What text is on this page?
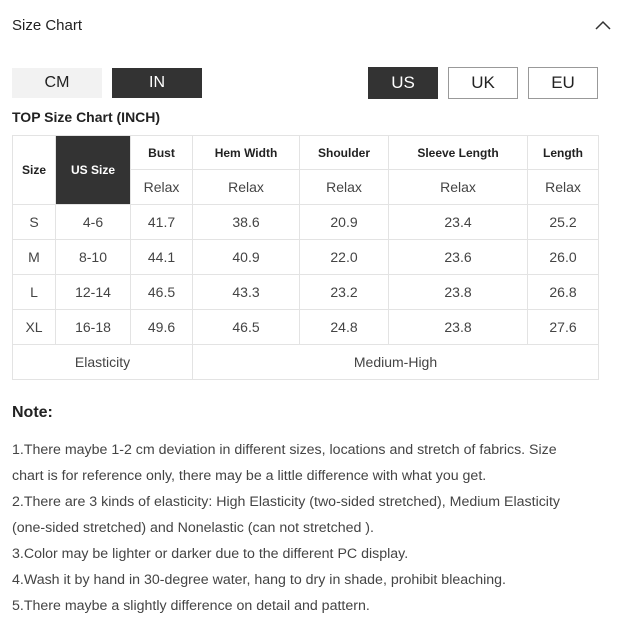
Size Chart
CM	IN	US	UK	EU
TOP Size Chart (INCH)
Size	US Size	Bust	Hem Width	Shoulder	Sleeve Length	Length
		Relax	Relax	Relax	Relax	Relax
S	4-6	41.7	38.6	20.9	23.4	25.2
M	8-10	44.1	40.9	22.0	23.6	26.0
L	12-14	46.5	43.3	23.2	23.8	26.8
XL	16-18	49.6	46.5	24.8	23.8	27.6
Elasticity			Medium-High			
Note:
1.There maybe 1-2 cm deviation in different sizes, locations and stretch of fabrics. Size
chart is for reference only, there may be a little difference with what you get.
2.There are 3 kinds of elasticity: High Elasticity (two-sided stretched), Medium Elasticity
(one-sided stretched) and Nonelastic (can not stretched ).
3.Color may be lighter or darker due to the different PC display.
4.Wash it by hand in 30-degree water, hang to dry in shade, prohibit bleaching.
5.There maybe a slightly difference on detail and pattern.
